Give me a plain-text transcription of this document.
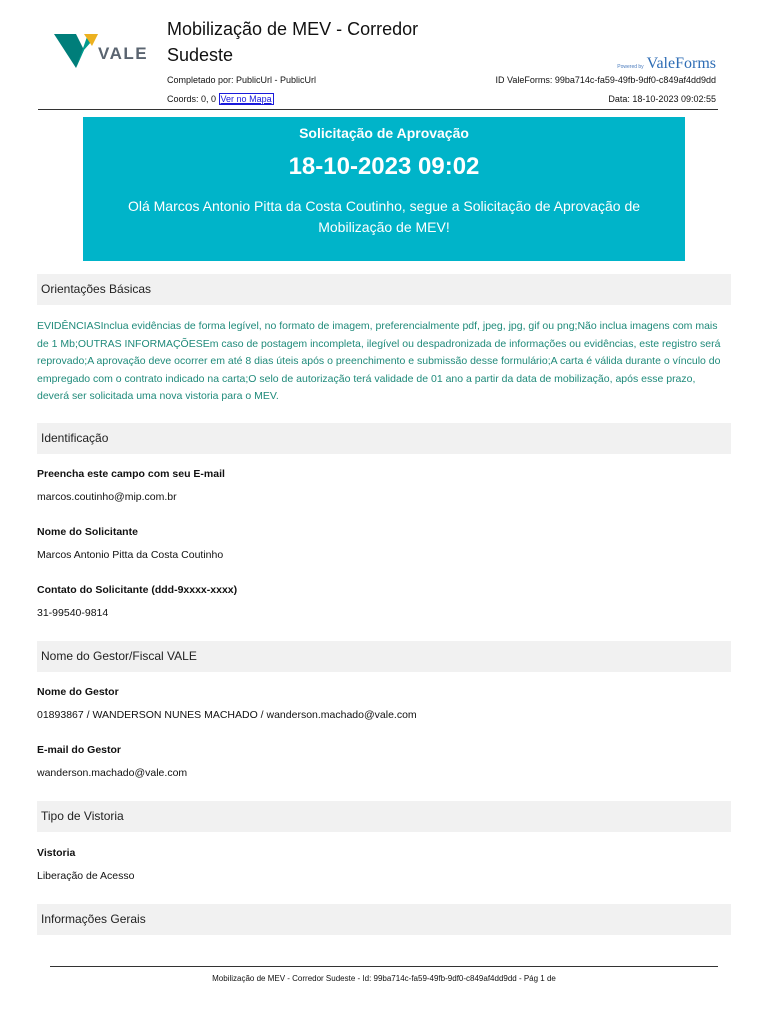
VALE
Mobilização de MEV - Corredor Sudeste
Completado por: PublicUrl - PublicUrl
Coords: 0, 0 Ver no Mapa
Powered by ValeForms
ID ValeForms: 99ba714c-fa59-49fb-9df0-c849af4dd9dd
Data: 18-10-2023 09:02:55
Solicitação de Aprovação
18-10-2023 09:02
Olá Marcos Antonio Pitta da Costa Coutinho, segue a Solicitação de Aprovação de Mobilização de MEV!
Orientações Básicas
EVIDÊNCIASInclua evidências de forma legível, no formato de imagem, preferencialmente pdf, jpeg, jpg, gif ou png;Não inclua imagens com mais de 1 Mb;OUTRAS INFORMAÇÕESEm caso de postagem incompleta, ilegível ou despadronizada de informações ou evidências, este registro será reprovado;A aprovação deve ocorrer em até 8 dias úteis após o preenchimento e submissão desse formulário;A carta é válida durante o vínculo do empregado com o contrato indicado na carta;O selo de autorização terá validade de 01 ano a partir da data de mobilização, após esse prazo, deverá ser solicitada uma nova vistoria para o MEV.
Identificação
Preencha este campo com seu E-mail
marcos.coutinho@mip.com.br
Nome do Solicitante
Marcos Antonio Pitta da Costa Coutinho
Contato do Solicitante (ddd-9xxxx-xxxx)
31-99540-9814
Nome do Gestor/Fiscal VALE
Nome do Gestor
01893867 / WANDERSON NUNES MACHADO / wanderson.machado@vale.com
E-mail do Gestor
wanderson.machado@vale.com
Tipo de Vistoria
Vistoria
Liberação de Acesso
Informações Gerais
Mobilização de MEV - Corredor Sudeste - Id: 99ba714c-fa59-49fb-9df0-c849af4dd9dd - Pág 1 de
